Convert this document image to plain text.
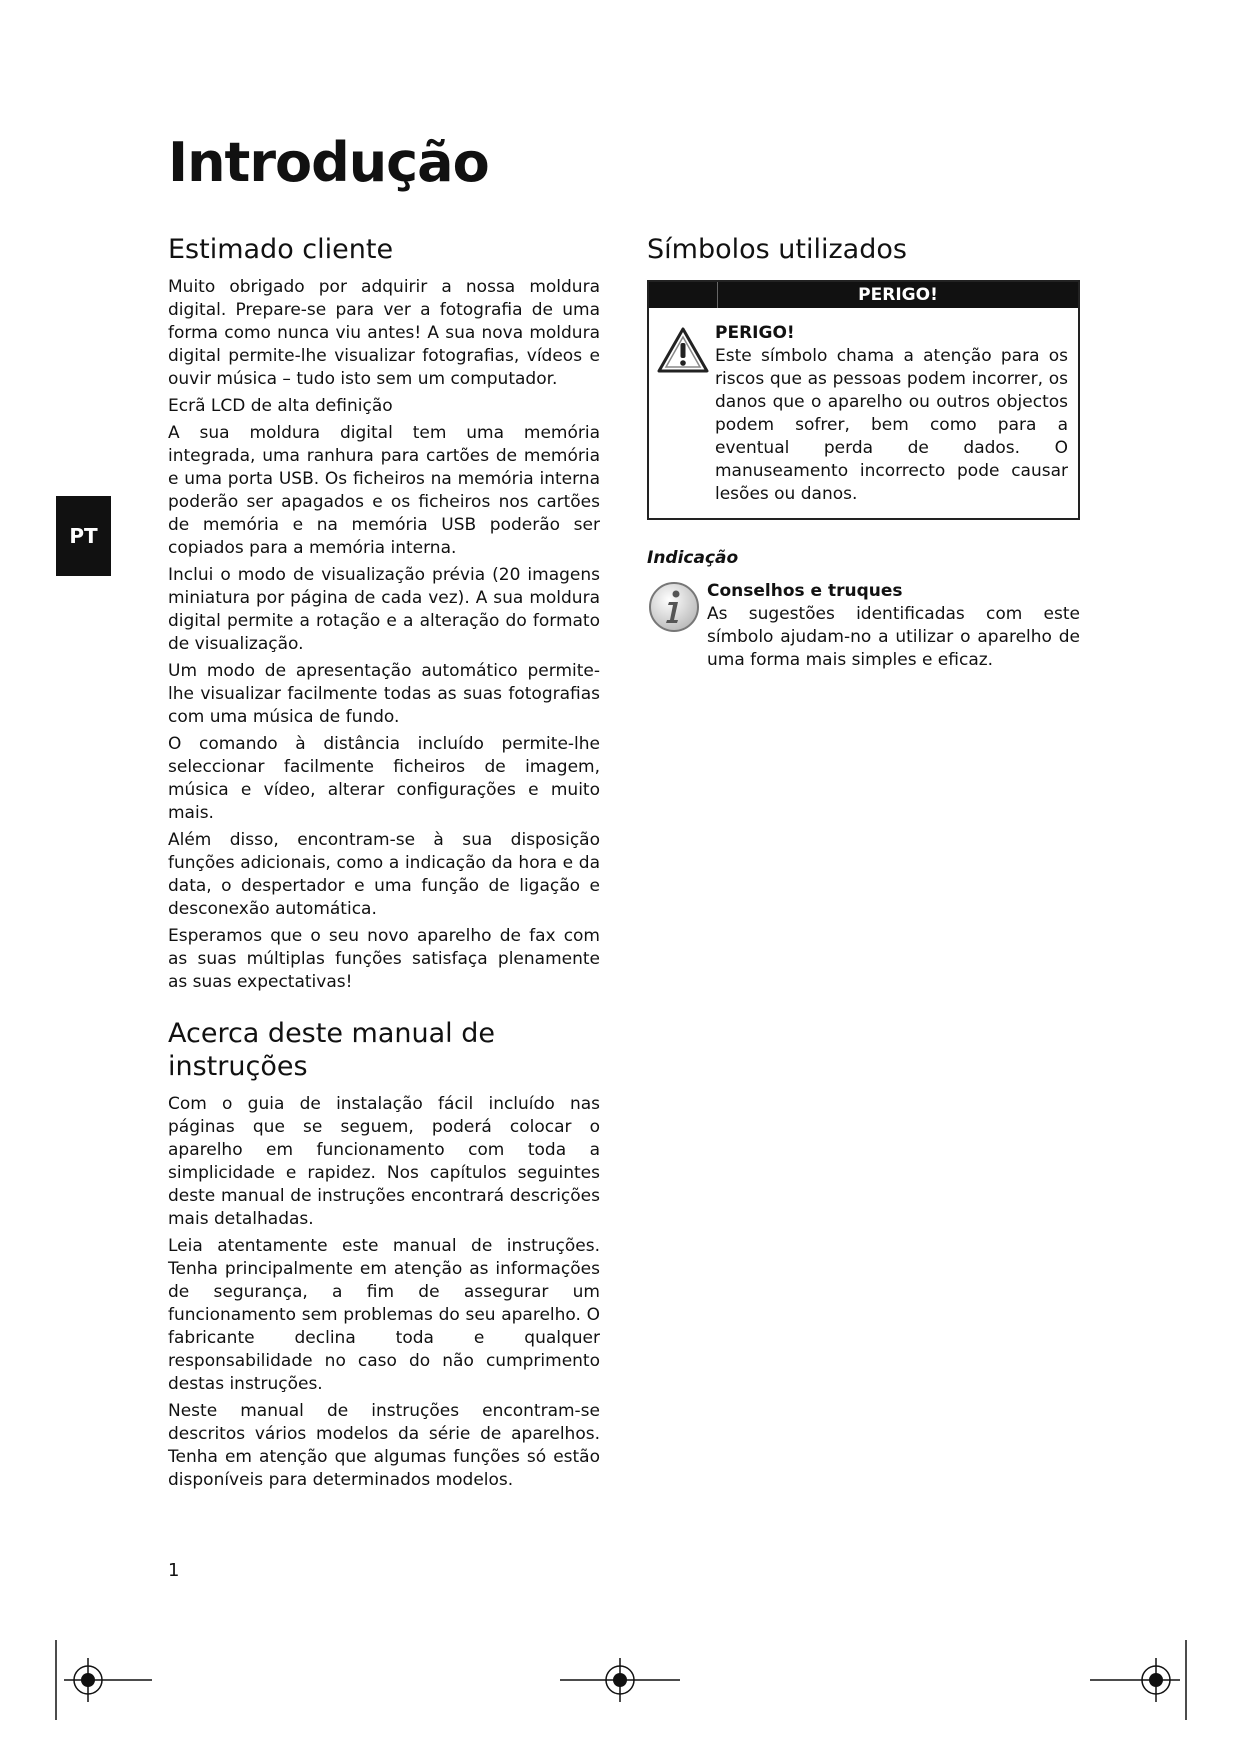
Introdução
PT
Estimado cliente

Muito obrigado por adquirir a nossa moldura digital. Prepare-se para ver a fotografia de uma forma como nunca viu antes! A sua nova moldura digital permite-lhe visualizar fotografias, vídeos e ouvir música – tudo isto sem um computador.

Ecrã LCD de alta definição

A sua moldura digital tem uma memória integrada, uma ranhura para cartões de memória e uma porta USB. Os ficheiros na memória interna poderão ser apagados e os ficheiros nos cartões de memória e na memória USB poderão ser copiados para a memória interna.

Inclui o modo de visualização prévia (20 imagens miniatura por página de cada vez). A sua moldura digital permite a rotação e a alteração do formato de visualização.

Um modo de apresentação automático permite-lhe visualizar facilmente todas as suas fotografias com uma música de fundo.

O comando à distância incluído permite-lhe seleccionar facilmente ficheiros de imagem, música e vídeo, alterar configurações e muito mais.

Além disso, encontram-se à sua disposição funções adicionais, como a indicação da hora e da data, o despertador e uma função de ligação e desconexão automática.

Esperamos que o seu novo aparelho de fax com as suas múltiplas funções satisfaça plenamente as suas expectativas!

Acerca deste manual de instruções

Com o guia de instalação fácil incluído nas páginas que se seguem, poderá colocar o aparelho em funcionamento com toda a simplicidade e rapidez. Nos capítulos seguintes deste manual de instruções encontrará descrições mais detalhadas.

Leia atentamente este manual de instruções. Tenha principalmente em atenção as informações de segurança, a fim de assegurar um funcionamento sem problemas do seu aparelho. O fabricante declina toda e qualquer responsabilidade no caso do não cumprimento destas instruções.

Neste manual de instruções encontram-se descritos vários modelos da série de aparelhos. Tenha em atenção que algumas funções só estão disponíveis para determinados modelos.

Símbolos utilizados
PERIGO!
PERIGO!

Este símbolo chama a atenção para os riscos que as pessoas podem incorrer, os danos que o aparelho ou outros objectos podem sofrer, bem como para a eventual perda de dados. O manuseamento incorrecto pode causar lesões ou danos.

Indicação
Conselhos e truques

As sugestões identificadas com este símbolo ajudam-no a utilizar o aparelho de uma forma mais simples e eficaz.

1
